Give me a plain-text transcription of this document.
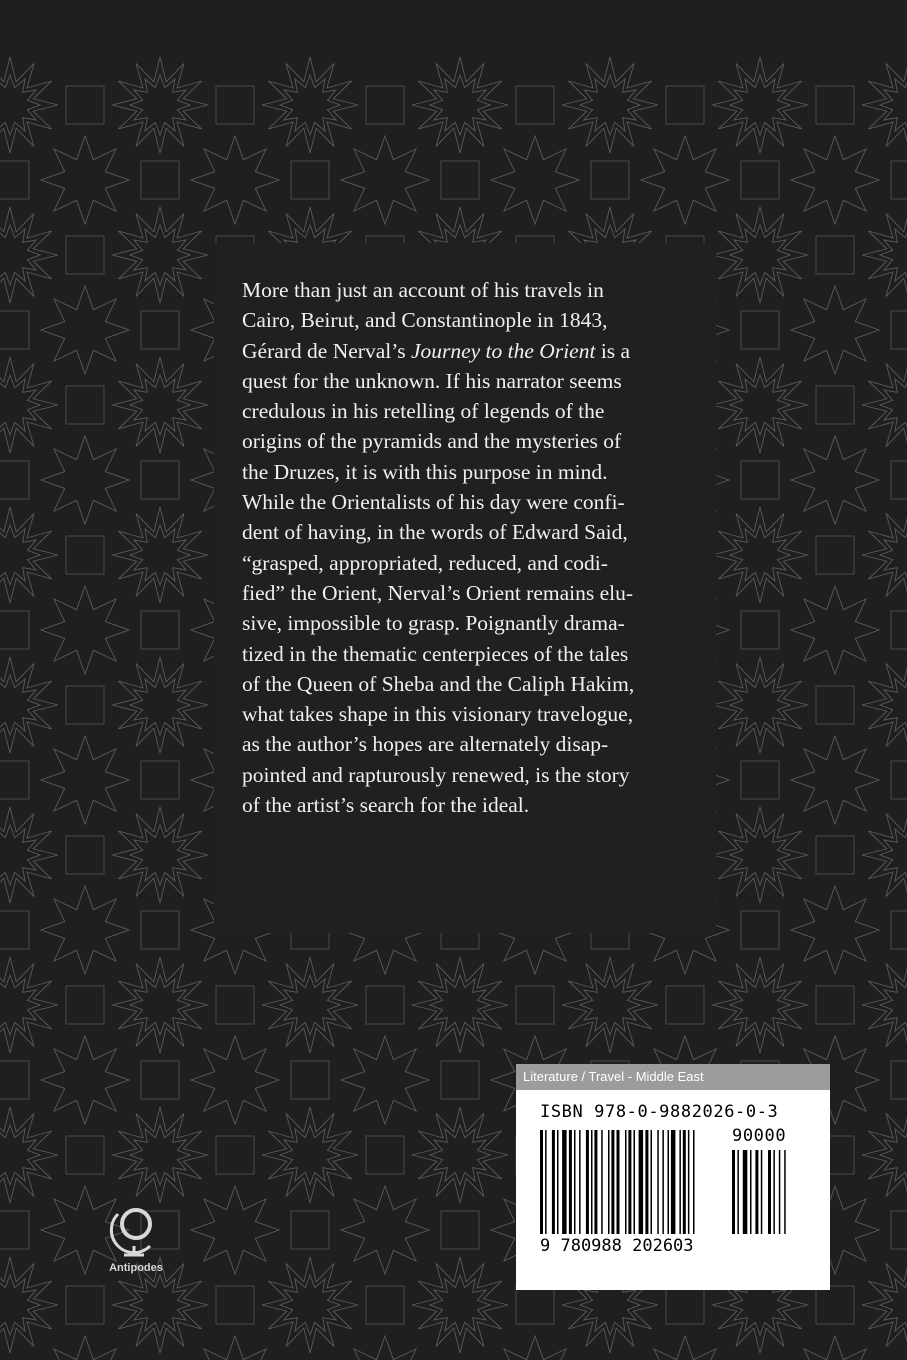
More than just an account of his travels in
Cairo, Beirut, and Constantinople in 1843,
Gérard de Nerval’s Journey to the Orient is a
quest for the unknown. If his narrator seems
credulous in his retelling of legends of the
origins of the pyramids and the mysteries of
the Druzes, it is with this purpose in mind.
While the Orientalists of his day were confi-
dent of having, in the words of Edward Said,
“grasped, appropriated, reduced, and codi-
fied” the Orient, Nerval’s Orient remains elu-
sive, impossible to grasp. Poignantly drama-
tized in the thematic centerpieces of the tales
of the Queen of Sheba and the Caliph Hakim,
what takes shape in this visionary travelogue,
as the author’s hopes are alternately disap-
pointed and rapturously renewed, is the story
of the artist’s search for the ideal.
Literature / Travel - Middle East
ISBN 978-0-9882026-0-3
90000
9 780988 202603
Antipodes
